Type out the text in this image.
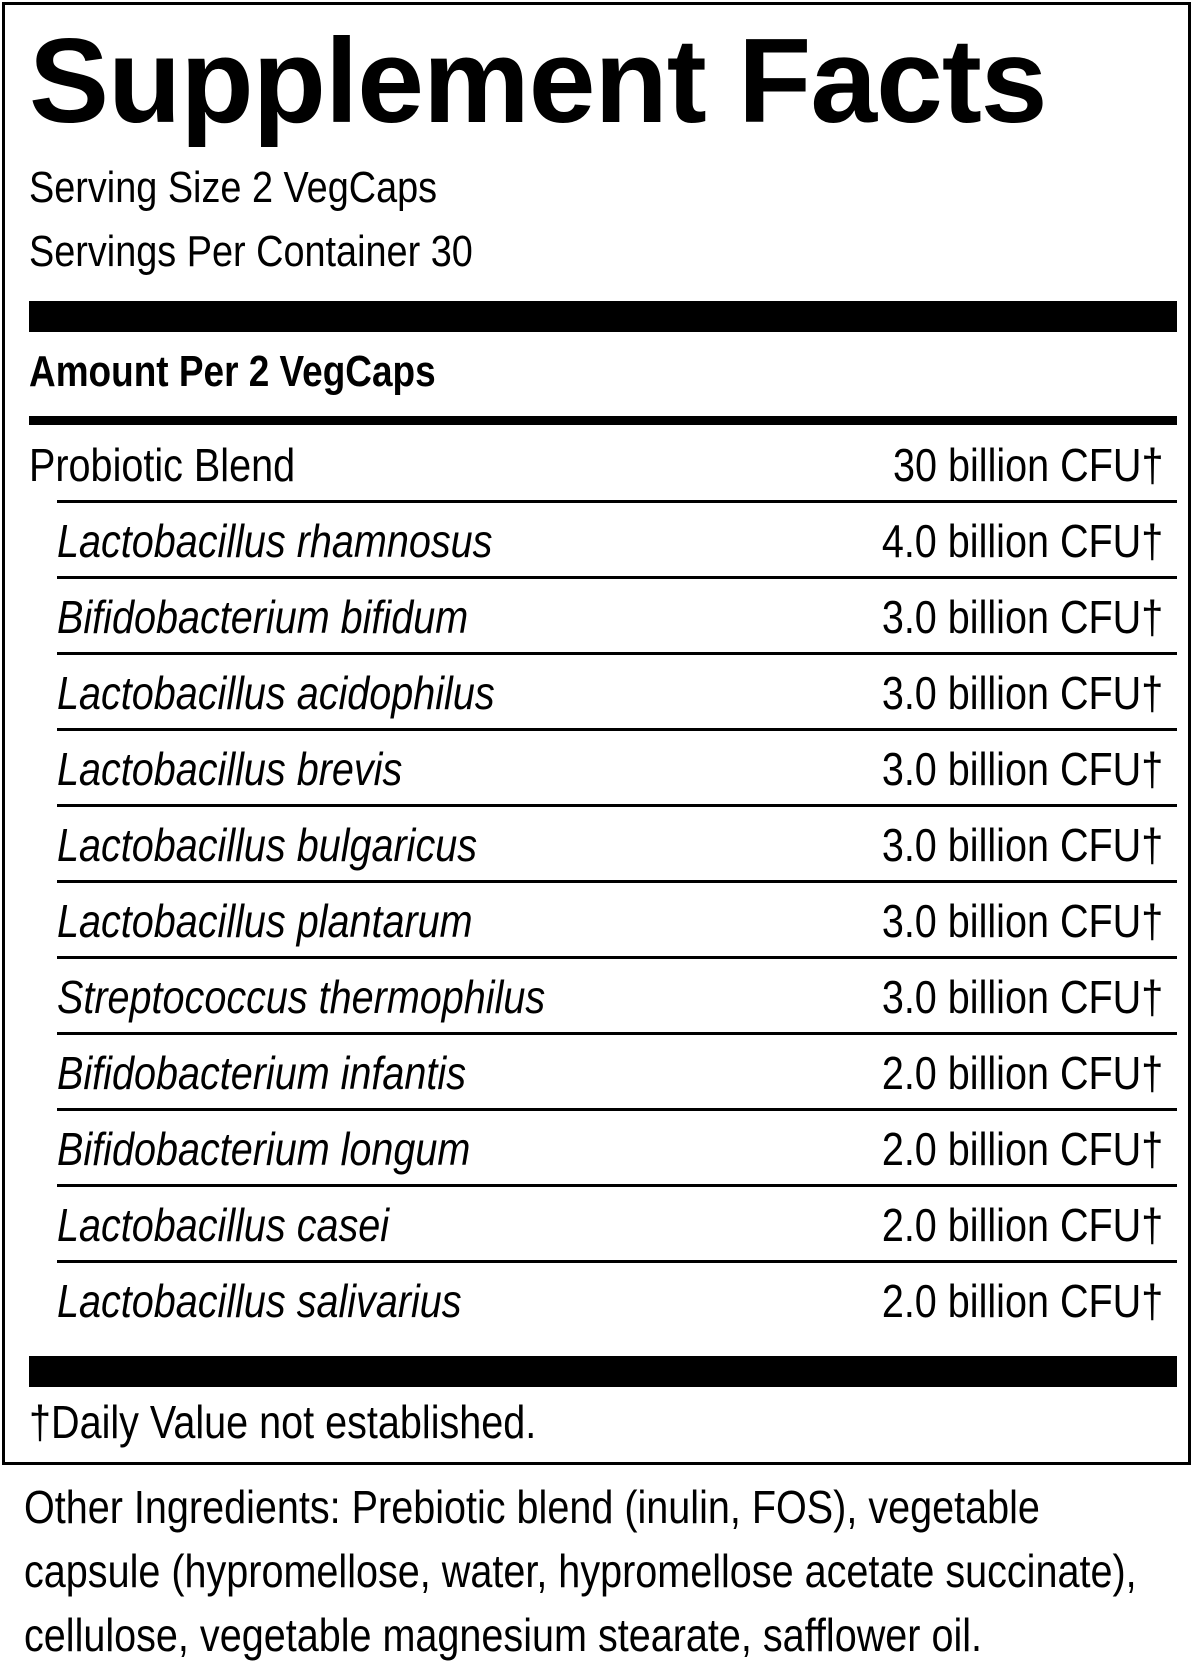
Supplement Facts
Serving Size 2 VegCaps
Servings Per Container 30
Amount Per 2 VegCaps
Probiotic Blend	30 billion CFU†
Lactobacillus rhamnosus	4.0 billion CFU†
Bifidobacterium bifidum	3.0 billion CFU†
Lactobacillus acidophilus	3.0 billion CFU†
Lactobacillus brevis	3.0 billion CFU†
Lactobacillus bulgaricus	3.0 billion CFU†
Lactobacillus plantarum	3.0 billion CFU†
Streptococcus thermophilus	3.0 billion CFU†
Bifidobacterium infantis	2.0 billion CFU†
Bifidobacterium longum	2.0 billion CFU†
Lactobacillus casei	2.0 billion CFU†
Lactobacillus salivarius	2.0 billion CFU†
†Daily Value not established.
Other Ingredients: Prebiotic blend (inulin, FOS), vegetable
capsule (hypromellose, water, hypromellose acetate succinate),
cellulose, vegetable magnesium stearate, safflower oil.
